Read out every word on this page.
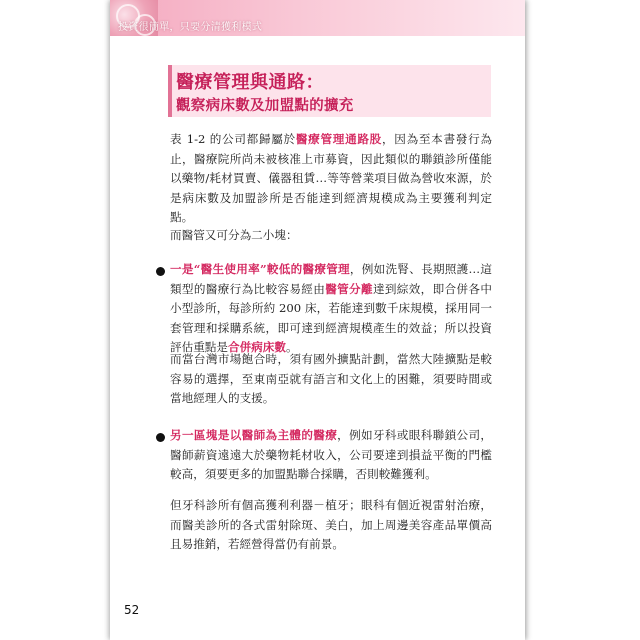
投資很簡單，只要分清獲利模式
醫療管理與通路：
觀察病床數及加盟點的擴充
表 1-2 的公司都歸屬於醫療管理通路股，因為至本書發行為止，醫療院所尚未被核准上市募資，因此類似的聯鎖診所僅能以藥物/耗材買賣、儀器租賃…等等營業項目做為營收來源，於是病床數及加盟診所是否能達到經濟規模成為主要獲利判定點。
而醫管又可分為二小塊：
一是“醫生使用率”較低的醫療管理，例如洗腎、長期照護…這類型的醫療行為比較容易經由醫管分離達到綜效，即合併各中小型診所，每診所約 200 床，若能達到數千床規模，採用同一套管理和採購系統，即可達到經濟規模產生的效益；所以投資評估重點是合併病床數。
而當台灣市場飽合時，須有國外擴點計劃，當然大陸擴點是較容易的選擇，至東南亞就有語言和文化上的困難，須要時間或當地經理人的支援。
另一區塊是以醫師為主體的醫療，例如牙科或眼科聯鎖公司，醫師薪資遠遠大於藥物耗材收入，公司要達到損益平衡的門檻較高，須要更多的加盟點聯合採購，否則較難獲利。
但牙科診所有個高獲利利器－植牙；眼科有個近視雷射治療，而醫美診所的各式雷射除斑、美白，加上周邊美容產品單價高且易推銷，若經營得當仍有前景。
52
